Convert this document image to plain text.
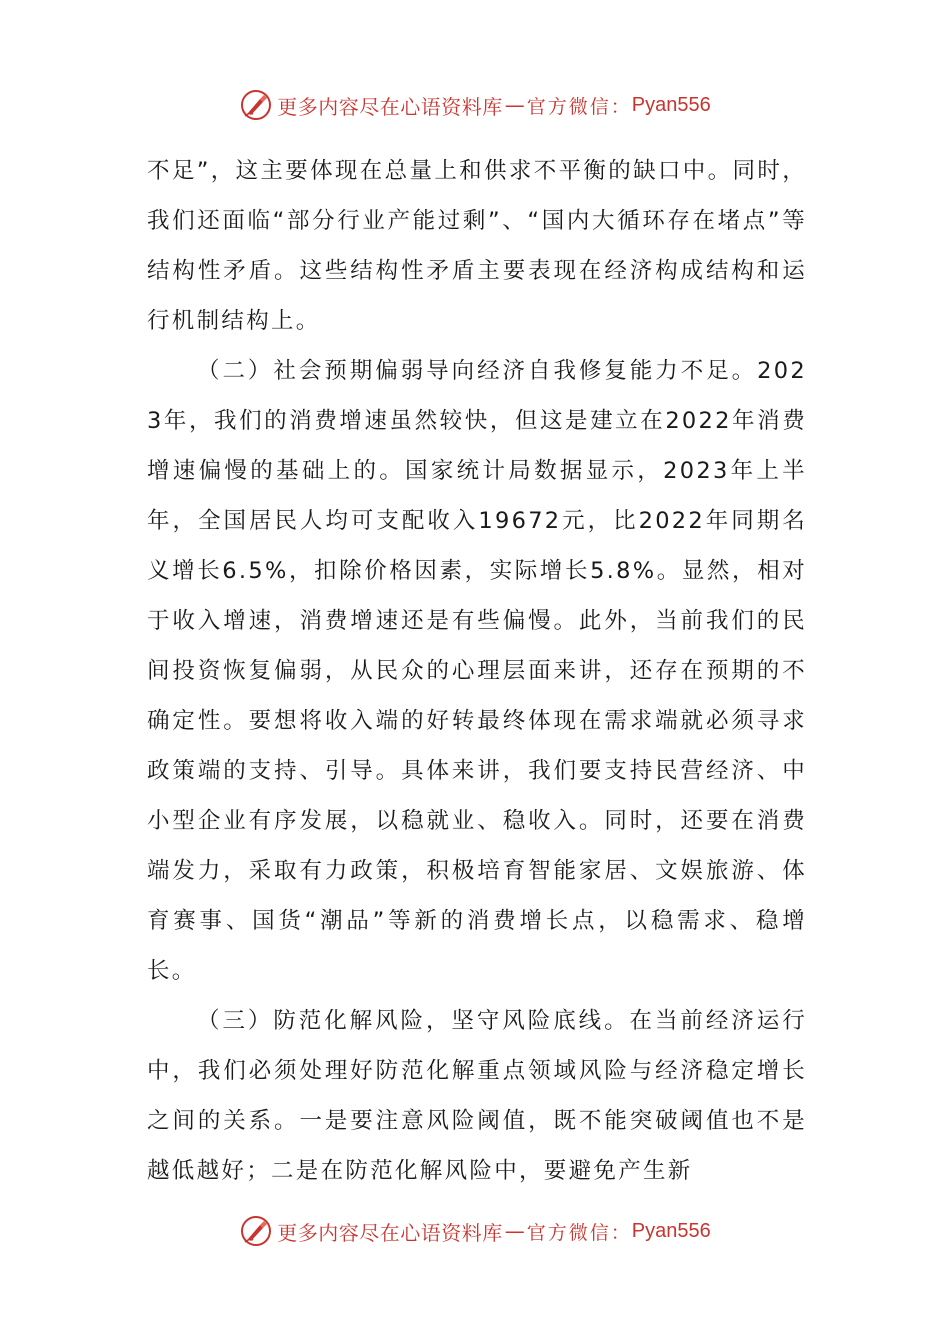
更多内容尽在心语资料库 — 官方微信： Pyan556

不足”，这主要体现在总量上和供求不平衡的缺口中。同时，我们还面临“部分行业产能过剩”、“国内大循环存在堵点”等结构性矛盾。这些结构性矛盾主要表现在经济构成结构和运行机制结构上。

（二）社会预期偏弱导向经济自我修复能力不足。2023年，我们的消费增速虽然较快，但这是建立在2022年消费增速偏慢的基础上的。国家统计局数据显示，2023年上半年，全国居民人均可支配收入19672元，比2022年同期名义增长6.5%，扣除价格因素，实际增长5.8%。显然，相对于收入增速，消费增速还是有些偏慢。此外，当前我们的民间投资恢复偏弱，从民众的心理层面来讲，还存在预期的不确定性。要想将收入端的好转最终体现在需求端就必须寻求政策端的支持、引导。具体来讲，我们要支持民营经济、中小型企业有序发展，以稳就业、稳收入。同时，还要在消费端发力，采取有力政策，积极培育智能家居、文娱旅游、体育赛事、国货“潮品”等新的消费增长点，以稳需求、稳增长。

（三）防范化解风险，坚守风险底线。在当前经济运行中，我们必须处理好防范化解重点领域风险与经济稳定增长之间的关系。一是要注意风险阈值，既不能突破阈值也不是越低越好；二是在防范化解风险中，要避免产生新

更多内容尽在心语资料库 — 官方微信： Pyan556
